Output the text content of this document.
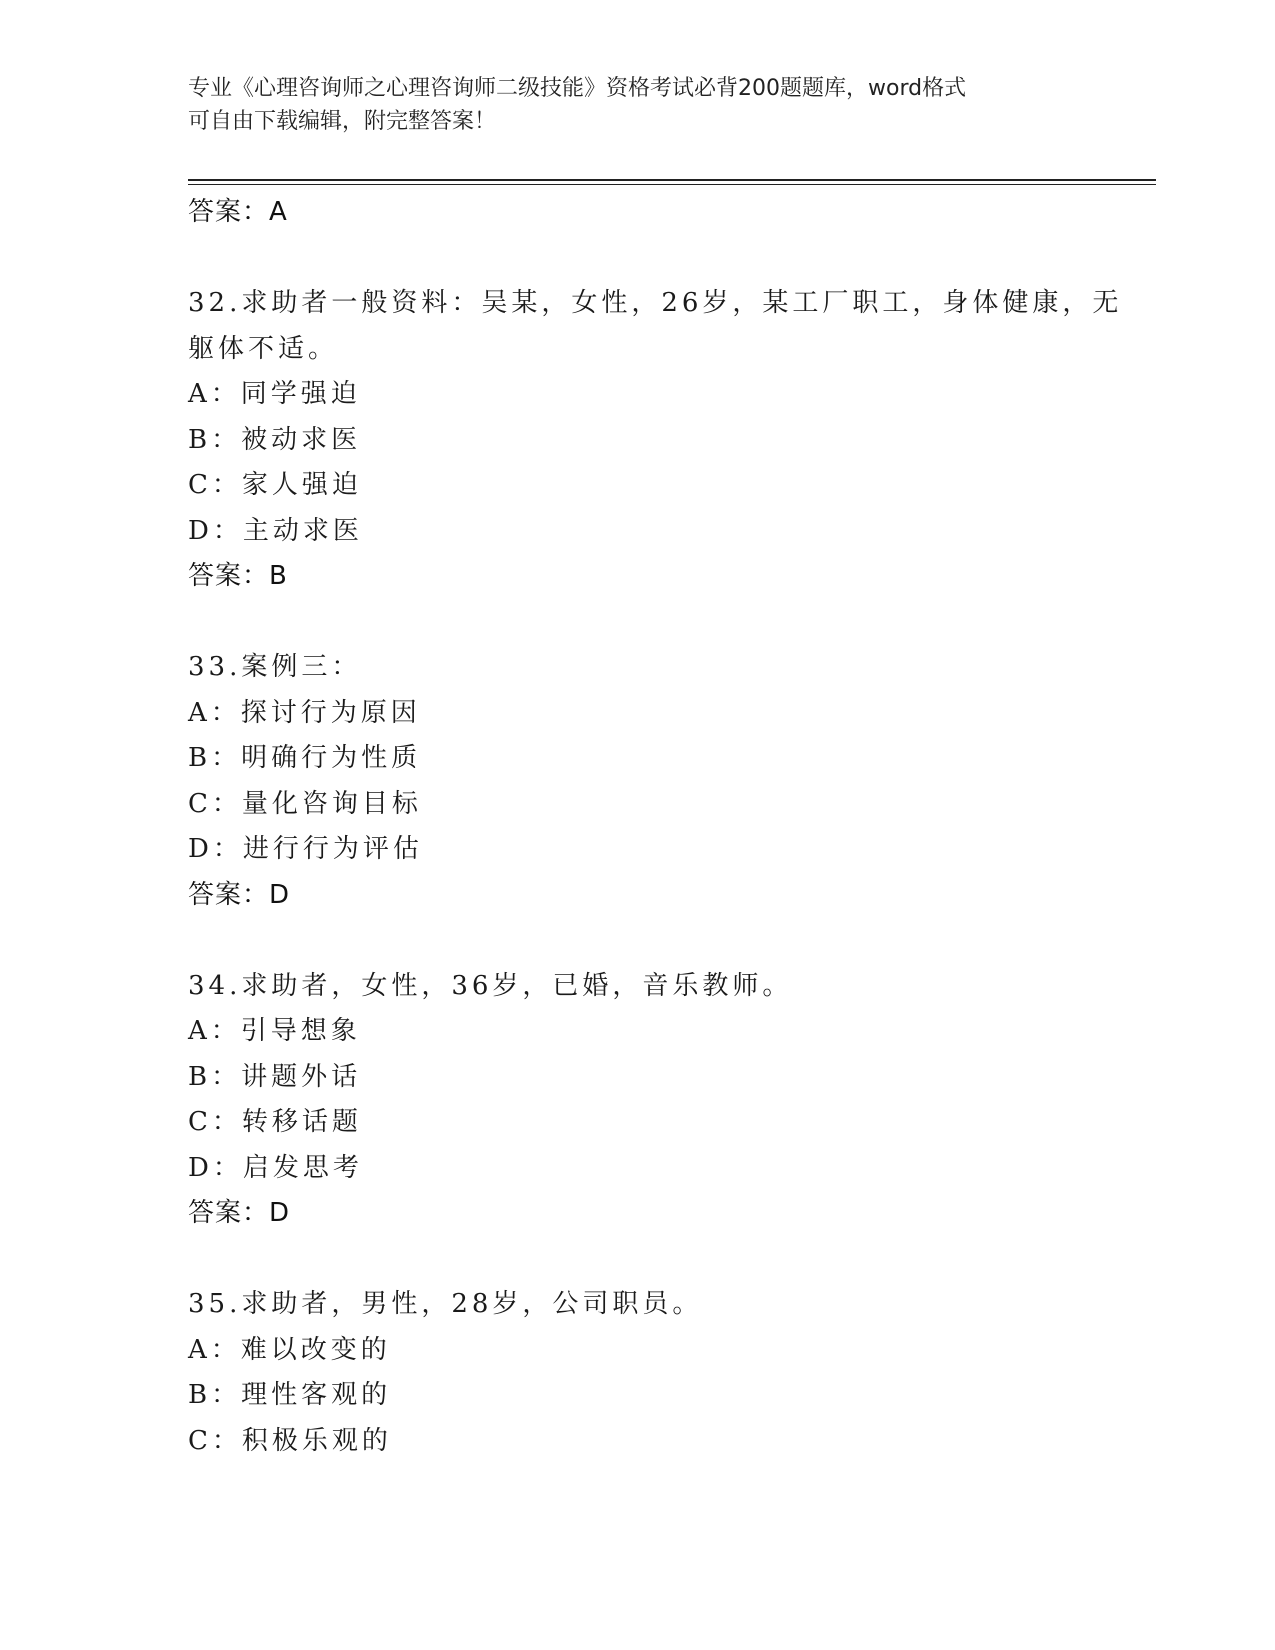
专业《心理咨询师之心理咨询师二级技能》资格考试必背200题题库，word格式
可自由下载编辑，附完整答案！
答案：A
32.求助者一般资料：吴某，女性，26岁，某工厂职工，身体健康，无
躯体不适。
A：同学强迫
B：被动求医
C：家人强迫
D：主动求医
答案：B
33.案例三：
A：探讨行为原因
B：明确行为性质
C：量化咨询目标
D：进行行为评估
答案：D
34.求助者，女性，36岁，已婚，音乐教师。
A：引导想象
B：讲题外话
C：转移话题
D：启发思考
答案：D
35.求助者，男性，28岁，公司职员。
A：难以改变的
B：理性客观的
C：积极乐观的
